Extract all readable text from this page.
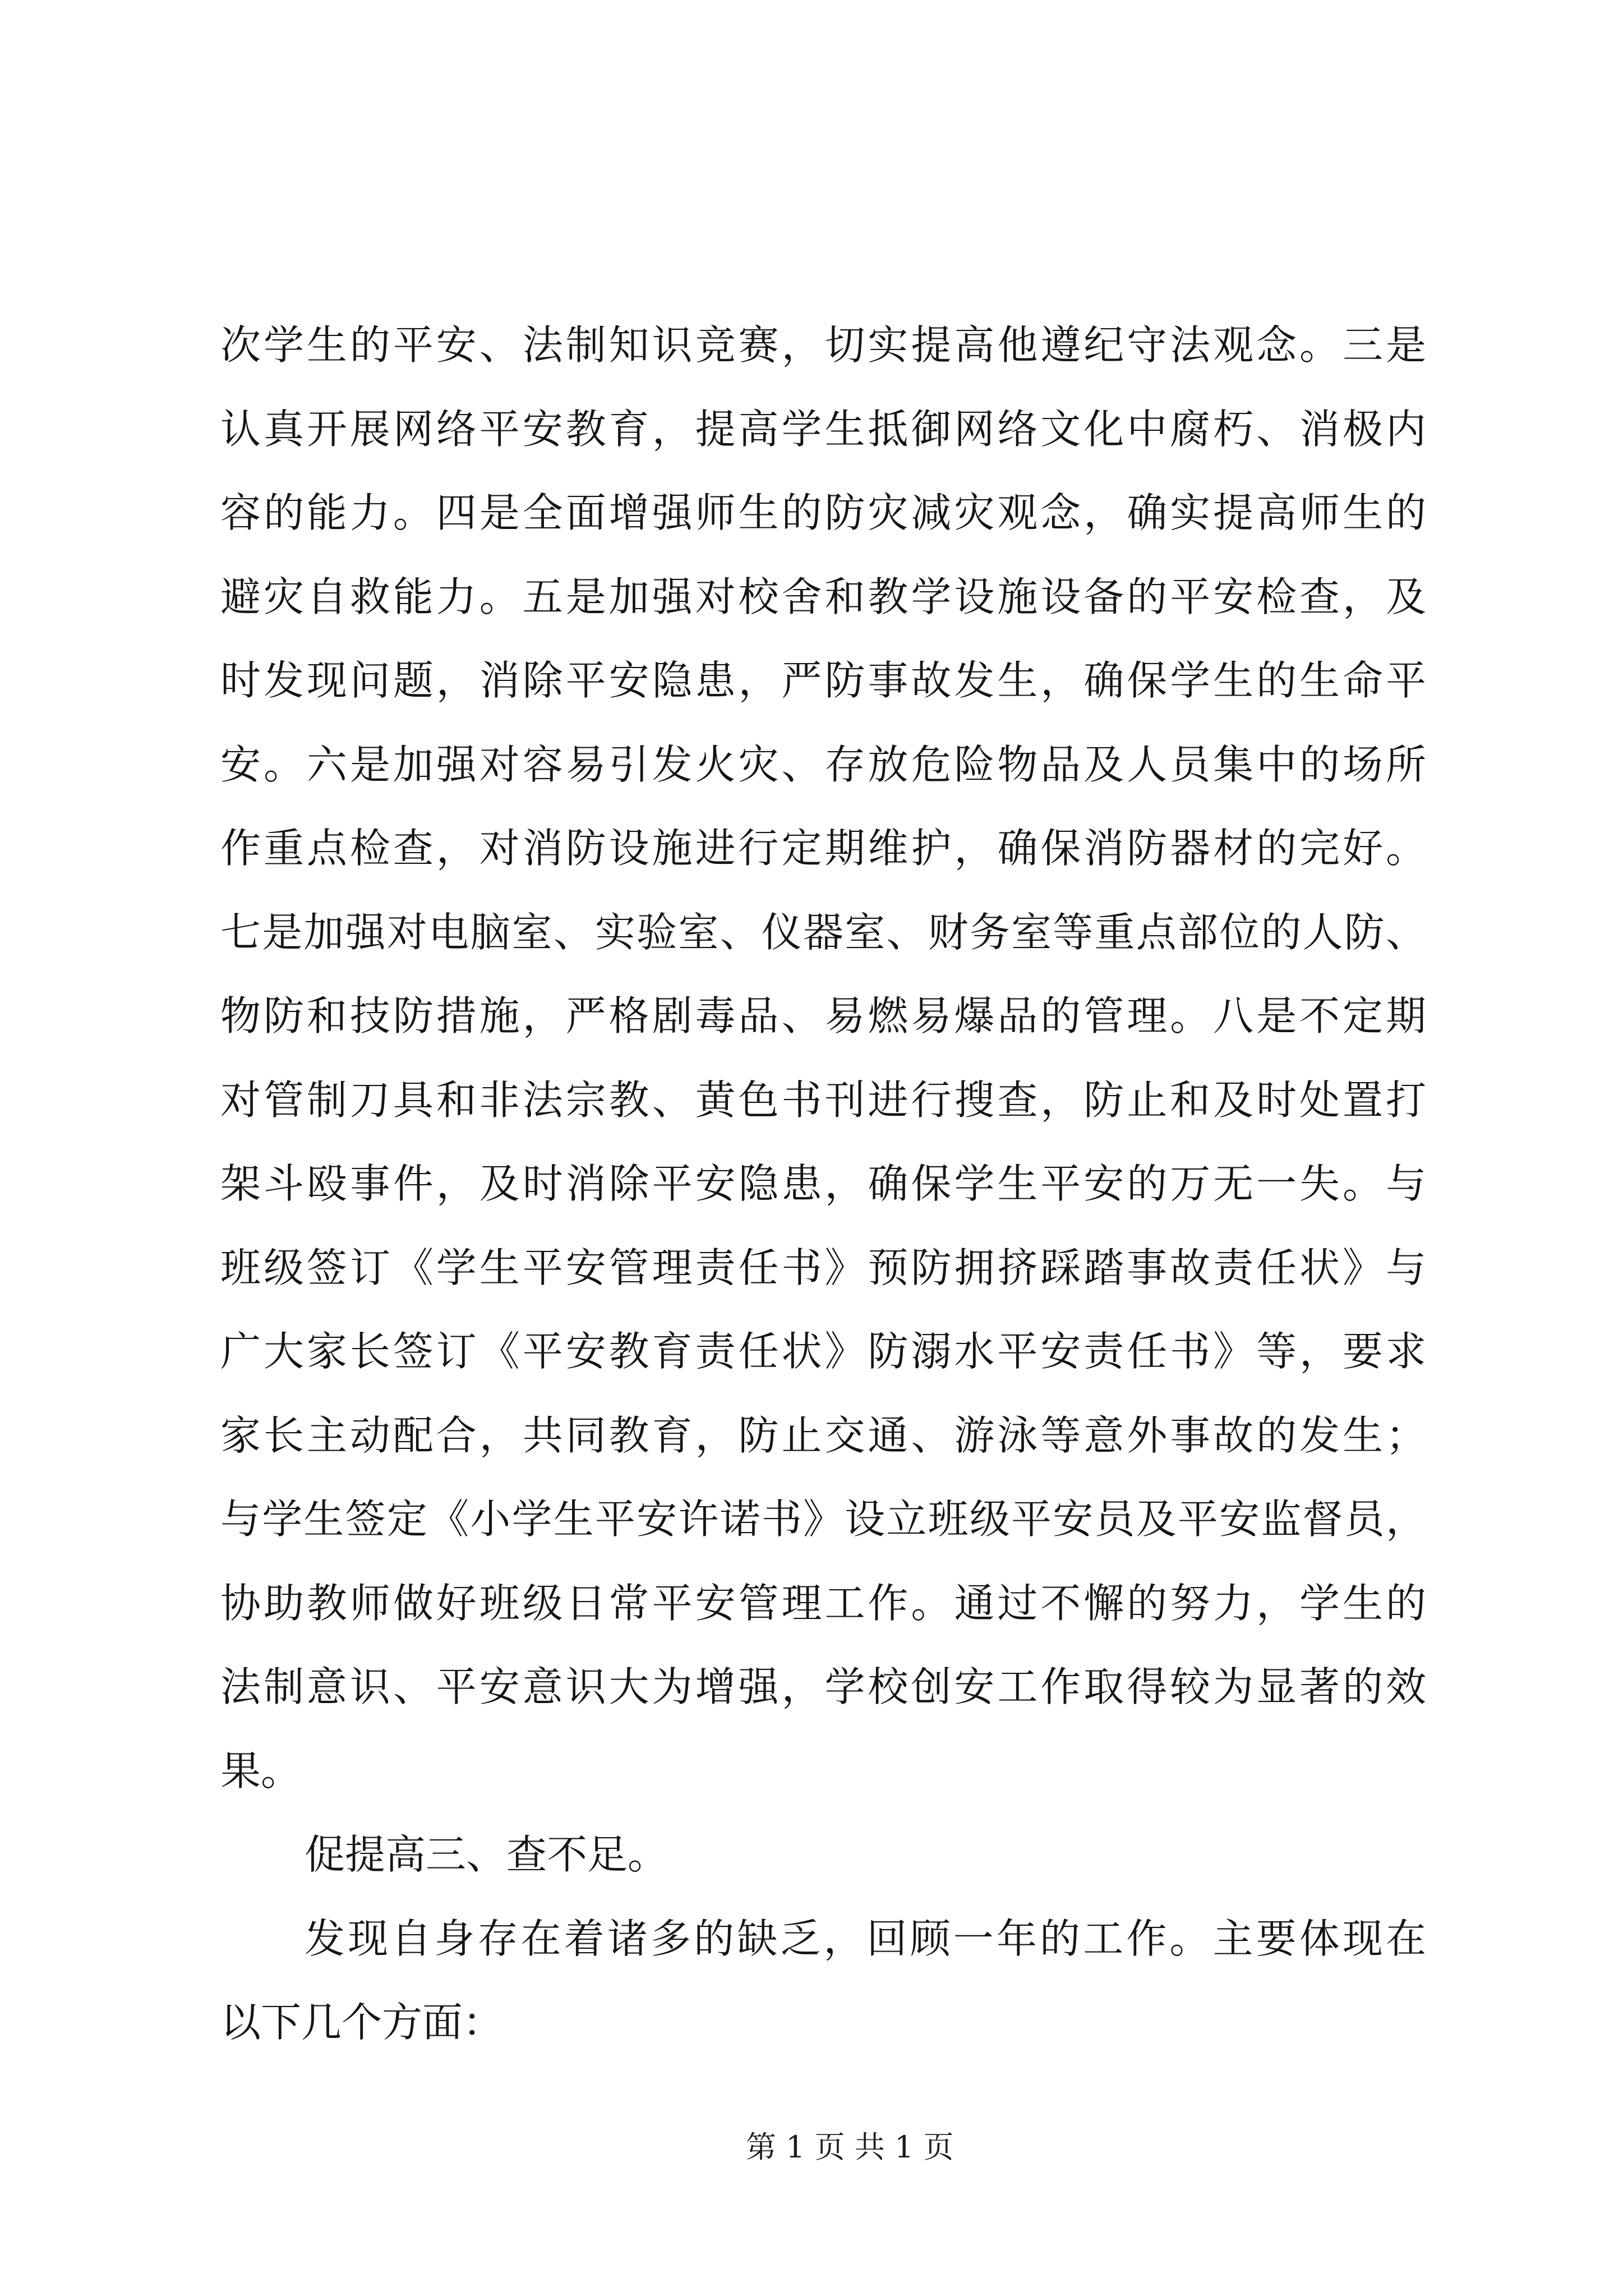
次学生的平安、法制知识竞赛，切实提高他遵纪守法观念。三是
认真开展网络平安教育，提高学生抵御网络文化中腐朽、消极内
容的能力。四是全面增强师生的防灾减灾观念，确实提高师生的
避灾自救能力。五是加强对校舍和教学设施设备的平安检查，及
时发现问题，消除平安隐患，严防事故发生，确保学生的生命平
安。六是加强对容易引发火灾、存放危险物品及人员集中的场所
作重点检查，对消防设施进行定期维护，确保消防器材的完好。
七是加强对电脑室、实验室、仪器室、财务室等重点部位的人防、
物防和技防措施，严格剧毒品、易燃易爆品的管理。八是不定期
对管制刀具和非法宗教、黄色书刊进行搜查，防止和及时处置打
架斗殴事件，及时消除平安隐患，确保学生平安的万无一失。与
班级签订《学生平安管理责任书》预防拥挤踩踏事故责任状》与
广大家长签订《平安教育责任状》防溺水平安责任书》等，要求
家长主动配合，共同教育，防止交通、游泳等意外事故的发生；
与学生签定《小学生平安许诺书》设立班级平安员及平安监督员，
协助教师做好班级日常平安管理工作。通过不懈的努力，学生的
法制意识、平安意识大为增强，学校创安工作取得较为显著的效
果。
促提高三、查不足。
发现自身存在着诸多的缺乏，回顾一年的工作。主要体现在
以下几个方面：
第 1 页 共 1 页
